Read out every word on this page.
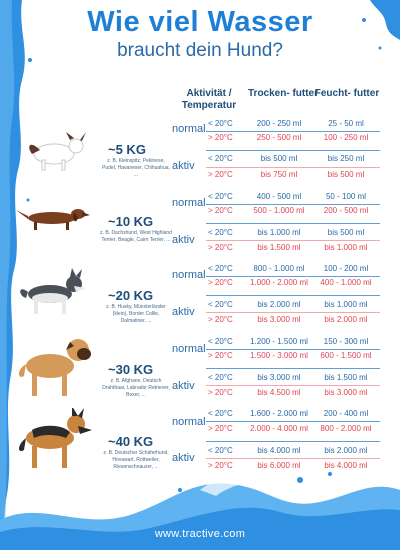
Wie viel Wasser
braucht dein Hund?
Aktivität / Temperatur
Trocken- futter
Feucht- futter
~5 KG
z. B. Kleinspitz, Pekinese, Pudel, Havaneser, Chihuahua, ...
normal
aktiv
< 20°C	200 - 250 ml	25 - 50 ml
> 20°C	250 - 500 ml	100 - 250 ml
< 20°C	bis 500 ml	bis 250 ml
> 20°C	bis 750 ml	bis 500 ml
~10 KG
z. B. Dachshund, West Highland Terrier, Beagle, Cairn Terrier, ...
normal
aktiv
< 20°C	400 - 500 ml	50 - 100 ml
> 20°C	500 - 1.000 ml	200 - 500 ml
< 20°C	bis 1.000 ml	bis 500 ml
> 20°C	bis 1.500 ml	bis 1.000 ml
~20 KG
z. B. Husky, Münsterländer (klein), Border Collie, Dalmatiner, ...
normal
aktiv
< 20°C	800 - 1.000 ml	100 - 200 ml
> 20°C	1.000 - 2.000 ml	400 - 1.000 ml
< 20°C	bis 2.000 ml	bis 1.000 ml
> 20°C	bis 3.000 ml	bis 2.000 ml
~30 KG
z. B. Afghane, Deutsch Drahthaar, Labrador Retriever, Boxer, ...
normal
aktiv
< 20°C	1.200 - 1.500 ml	150 - 300 ml
> 20°C	1.500 - 3.000 ml	600 - 1.500 ml
< 20°C	bis 3.000 ml	bis 1.500 ml
> 20°C	bis 4.500 ml	bis 3.000 ml
~40 KG
z. B. Deutscher Schäferhund, Hovawart, Rottweiler, Riesenschnauzer, ...
normal
aktiv
< 20°C	1.600 - 2.000 ml	200 - 400 ml
> 20°C	2.000 - 4.000 ml	800 - 2.000 ml
< 20°C	bis 4.000 ml	bis 2.000 ml
> 20°C	bis 6.000 ml	bis 4.000 ml
www.tractive.com
